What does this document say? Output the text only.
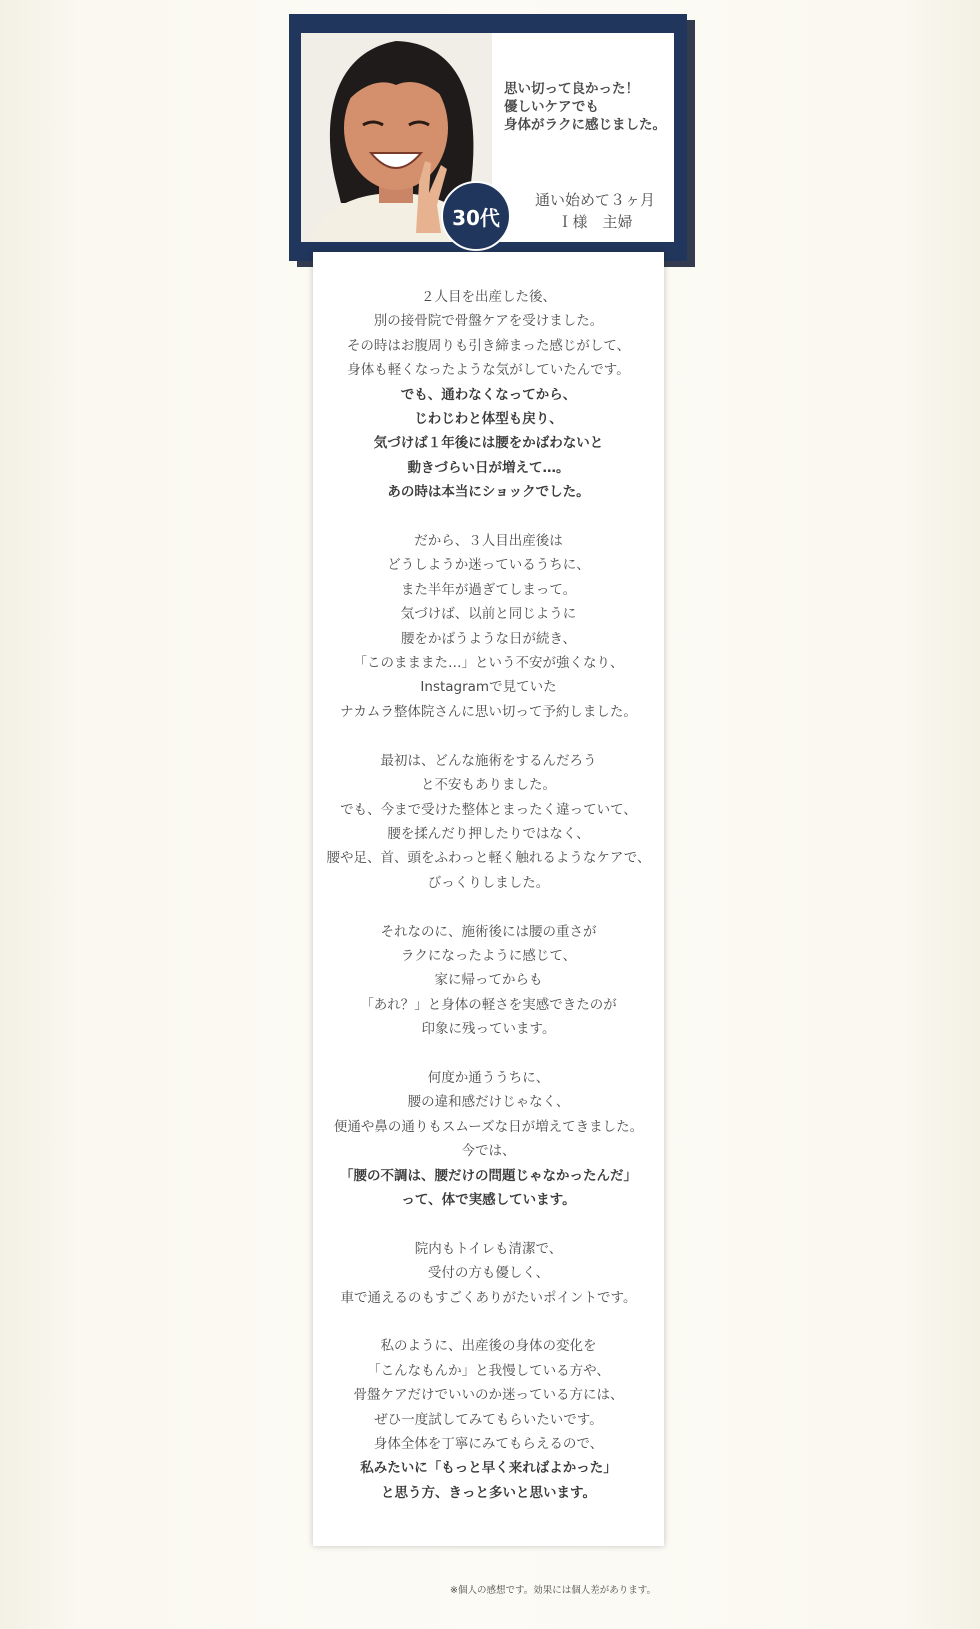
思い切って良かった！
優しいケアでも
身体がラクに感じました。
通い始めて３ヶ月
Ｉ様　主婦
30代
２人目を出産した後、
別の接骨院で骨盤ケアを受けました。
その時はお腹周りも引き締まった感じがして、
身体も軽くなったような気がしていたんです。
でも、通わなくなってから、
じわじわと体型も戻り、
気づけば１年後には腰をかばわないと
動きづらい日が増えて…。
あの時は本当にショックでした。
だから、３人目出産後は
どうしようか迷っているうちに、
また半年が過ぎてしまって。
気づけば、以前と同じように
腰をかばうような日が続き、
「このまままた…」という不安が強くなり、
Instagramで見ていた
ナカムラ整体院さんに思い切って予約しました。
最初は、どんな施術をするんだろう
と不安もありました。
でも、今まで受けた整体とまったく違っていて、
腰を揉んだり押したりではなく、
腰や足、首、頭をふわっと軽く触れるようなケアで、
びっくりしました。
それなのに、施術後には腰の重さが
ラクになったように感じて、
家に帰ってからも
「あれ？」と身体の軽さを実感できたのが
印象に残っています。
何度か通ううちに、
腰の違和感だけじゃなく、
便通や鼻の通りもスムーズな日が増えてきました。
今では、
「腰の不調は、腰だけの問題じゃなかったんだ」
って、体で実感しています。
院内もトイレも清潔で、
受付の方も優しく、
車で通えるのもすごくありがたいポイントです。
私のように、出産後の身体の変化を
「こんなもんか」と我慢している方や、
骨盤ケアだけでいいのか迷っている方には、
ぜひ一度試してみてもらいたいです。
身体全体を丁寧にみてもらえるので、
私みたいに「もっと早く来ればよかった」
と思う方、きっと多いと思います。
※個人の感想です。効果には個人差があります。
